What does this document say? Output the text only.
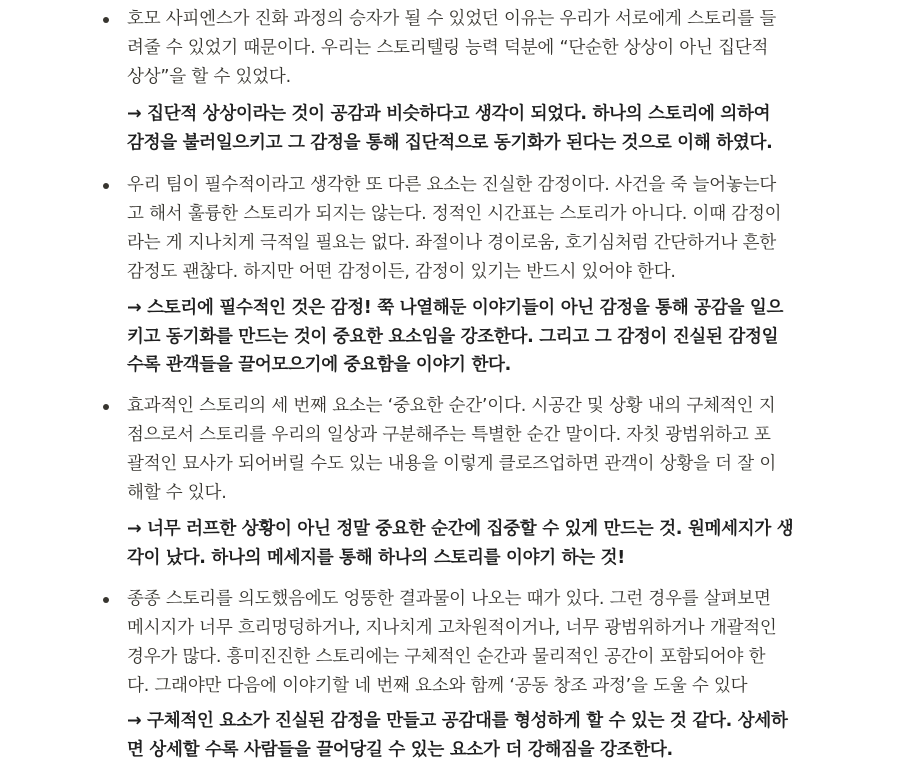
호모 사피엔스가 진화 과정의 승자가 될 수 있었던 이유는 우리가 서로에게 스토리를 들
려줄 수 있었기 때문이다. 우리는 스토리텔링 능력 덕분에 “단순한 상상이 아닌 집단적
상상”을 할 수 있었다.
→ 집단적 상상이라는 것이 공감과 비슷하다고 생각이 되었다. 하나의 스토리에 의하여
감정을 불러일으키고 그 감정을 통해 집단적으로 동기화가 된다는 것으로 이해 하였다.
우리 팀이 필수적이라고 생각한 또 다른 요소는 진실한 감정이다. 사건을 죽 늘어놓는다
고 해서 훌륭한 스토리가 되지는 않는다. 정적인 시간표는 스토리가 아니다. 이때 감정이
라는 게 지나치게 극적일 필요는 없다. 좌절이나 경이로움, 호기심처럼 간단하거나 흔한
감정도 괜찮다. 하지만 어떤 감정이든, 감정이 있기는 반드시 있어야 한다.
→ 스토리에 필수적인 것은 감정! 쭉 나열해둔 이야기들이 아닌 감정을 통해 공감을 일으
키고 동기화를 만드는 것이 중요한 요소임을 강조한다. 그리고 그 감정이 진실된 감정일
수록 관객들을 끌어모으기에 중요함을 이야기 한다.
효과적인 스토리의 세 번째 요소는 ‘중요한 순간’이다. 시공간 및 상황 내의 구체적인 지
점으로서 스토리를 우리의 일상과 구분해주는 특별한 순간 말이다. 자칫 광범위하고 포
괄적인 묘사가 되어버릴 수도 있는 내용을 이렇게 클로즈업하면 관객이 상황을 더 잘 이
해할 수 있다.
→ 너무 러프한 상황이 아닌 정말 중요한 순간에 집중할 수 있게 만드는 것. 원메세지가 생
각이 났다. 하나의 메세지를 통해 하나의 스토리를 이야기 하는 것!
종종 스토리를 의도했음에도 엉뚱한 결과물이 나오는 때가 있다. 그런 경우를 살펴보면
메시지가 너무 흐리멍덩하거나, 지나치게 고차원적이거나, 너무 광범위하거나 개괄적인
경우가 많다. 흥미진진한 스토리에는 구체적인 순간과 물리적인 공간이 포함되어야 한
다. 그래야만 다음에 이야기할 네 번째 요소와 함께 ‘공동 창조 과정’을 도울 수 있다
→ 구체적인 요소가 진실된 감정을 만들고 공감대를 형성하게 할 수 있는 것 같다. 상세하
면 상세할 수록 사람들을 끌어당길 수 있는 요소가 더 강해짐을 강조한다.
